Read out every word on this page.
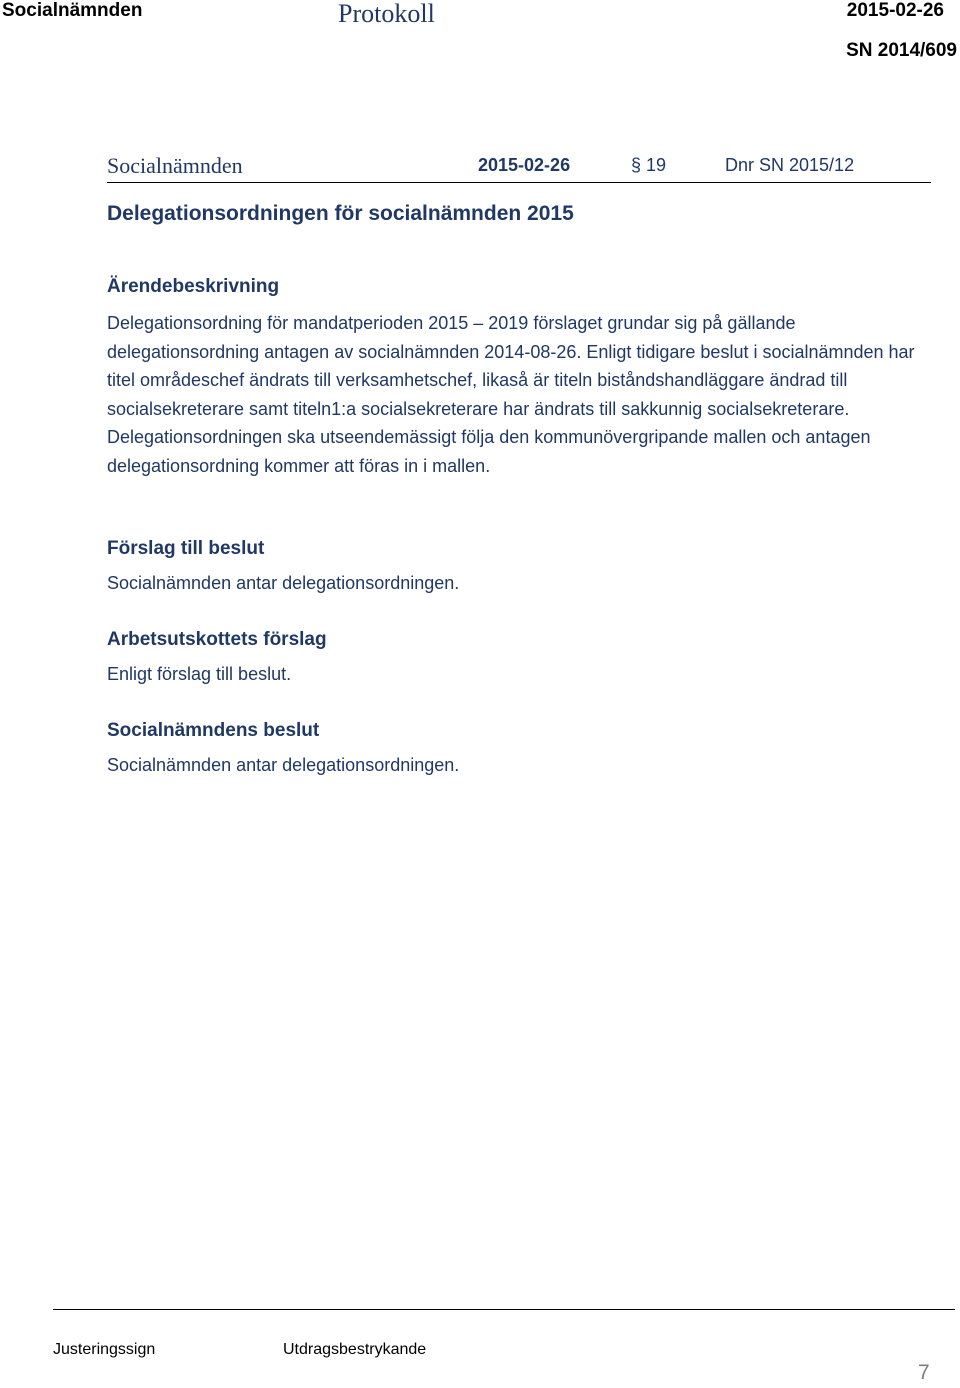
Socialnämnden	Protokoll	2015-02-26
SN 2014/609
Socialnämnden	2015-02-26	§ 19	Dnr SN 2015/12
Delegationsordningen för socialnämnden 2015
Ärendebeskrivning
Delegationsordning för mandatperioden 2015 – 2019 förslaget grundar sig på gällande delegationsordning antagen av socialnämnden 2014-08-26. Enligt tidigare beslut i socialnämnden har titel områdeschef ändrats till verksamhetschef, likaså är titeln biståndshandläggare ändrad till socialsekreterare samt titeln1:a socialsekreterare har ändrats till sakkunnig socialsekreterare. Delegationsordningen ska utseendemässigt följa den kommunövergripande mallen och antagen delegationsordning kommer att föras in i mallen.
Förslag till beslut
Socialnämnden antar delegationsordningen.
Arbetsutskottets förslag
Enligt förslag till beslut.
Socialnämndens beslut
Socialnämnden antar delegationsordningen.
Justeringssign	Utdragsbestrykande
7
